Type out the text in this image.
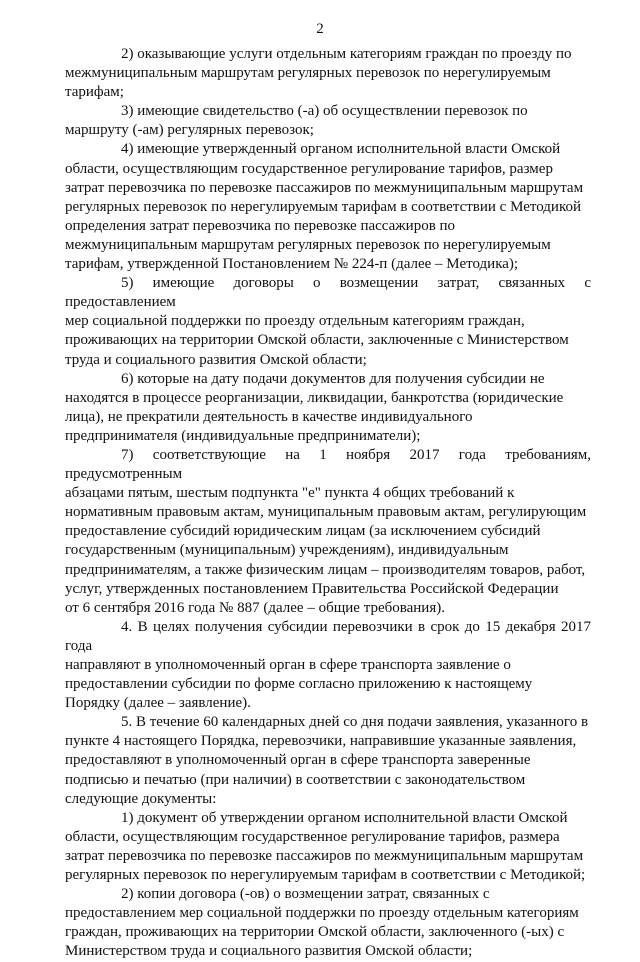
2

2) оказывающие услуги отдельным категориям граждан по проезду по
межмуниципальным маршрутам регулярных перевозок по нерегулируемым
тарифам;

3) имеющие свидетельство (-а) об осуществлении перевозок по
маршруту (-ам) регулярных перевозок;

4) имеющие утвержденный органом исполнительной власти Омской
области, осуществляющим государственное регулирование тарифов, размер
затрат перевозчика по перевозке пассажиров по межмуниципальным маршрутам
регулярных перевозок по нерегулируемым тарифам в соответствии с Методикой
определения затрат перевозчика по перевозке пассажиров по
межмуниципальным маршрутам регулярных перевозок по нерегулируемым
тарифам, утвержденной Постановлением № 224-п (далее – Методика);

5) имеющие договоры о возмещении затрат, связанных с предоставлением
мер социальной поддержки по проезду отдельным категориям граждан,
проживающих на территории Омской области, заключенные с Министерством
труда и социального развития Омской области;

6) которые на дату подачи документов для получения субсидии не
находятся в процессе реорганизации, ликвидации, банкротства (юридические
лица), не прекратили деятельность в качестве индивидуального
предпринимателя (индивидуальные предприниматели);

7) соответствующие на 1 ноября 2017 года требованиям, предусмотренным
абзацами пятым, шестым подпункта "е" пункта 4 общих требований к
нормативным правовым актам, муниципальным правовым актам, регулирующим
предоставление субсидий юридическим лицам (за исключением субсидий
государственным (муниципальным) учреждениям), индивидуальным
предпринимателям, а также физическим лицам – производителям товаров, работ,
услуг, утвержденных постановлением Правительства Российской Федерации
от 6 сентября 2016 года № 887 (далее – общие требования).

4. В целях получения субсидии перевозчики в срок до 15 декабря 2017 года
направляют в уполномоченный орган в сфере транспорта заявление о
предоставлении субсидии по форме согласно приложению к настоящему
Порядку (далее – заявление).

5. В течение 60 календарных дней со дня подачи заявления, указанного в
пункте 4 настоящего Порядка, перевозчики, направившие указанные заявления,
предоставляют в уполномоченный орган в сфере транспорта заверенные
подписью и печатью (при наличии) в соответствии с законодательством
следующие документы:

1) документ об утверждении органом исполнительной власти Омской
области, осуществляющим государственное регулирование тарифов, размера
затрат перевозчика по перевозке пассажиров по межмуниципальным маршрутам
регулярных перевозок по нерегулируемым тарифам в соответствии с Методикой;

2) копии договора (-ов) о возмещении затрат, связанных с
предоставлением мер социальной поддержки по проезду отдельным категориям
граждан, проживающих на территории Омской области, заключенного (-ых) с
Министерством труда и социального развития Омской области;
